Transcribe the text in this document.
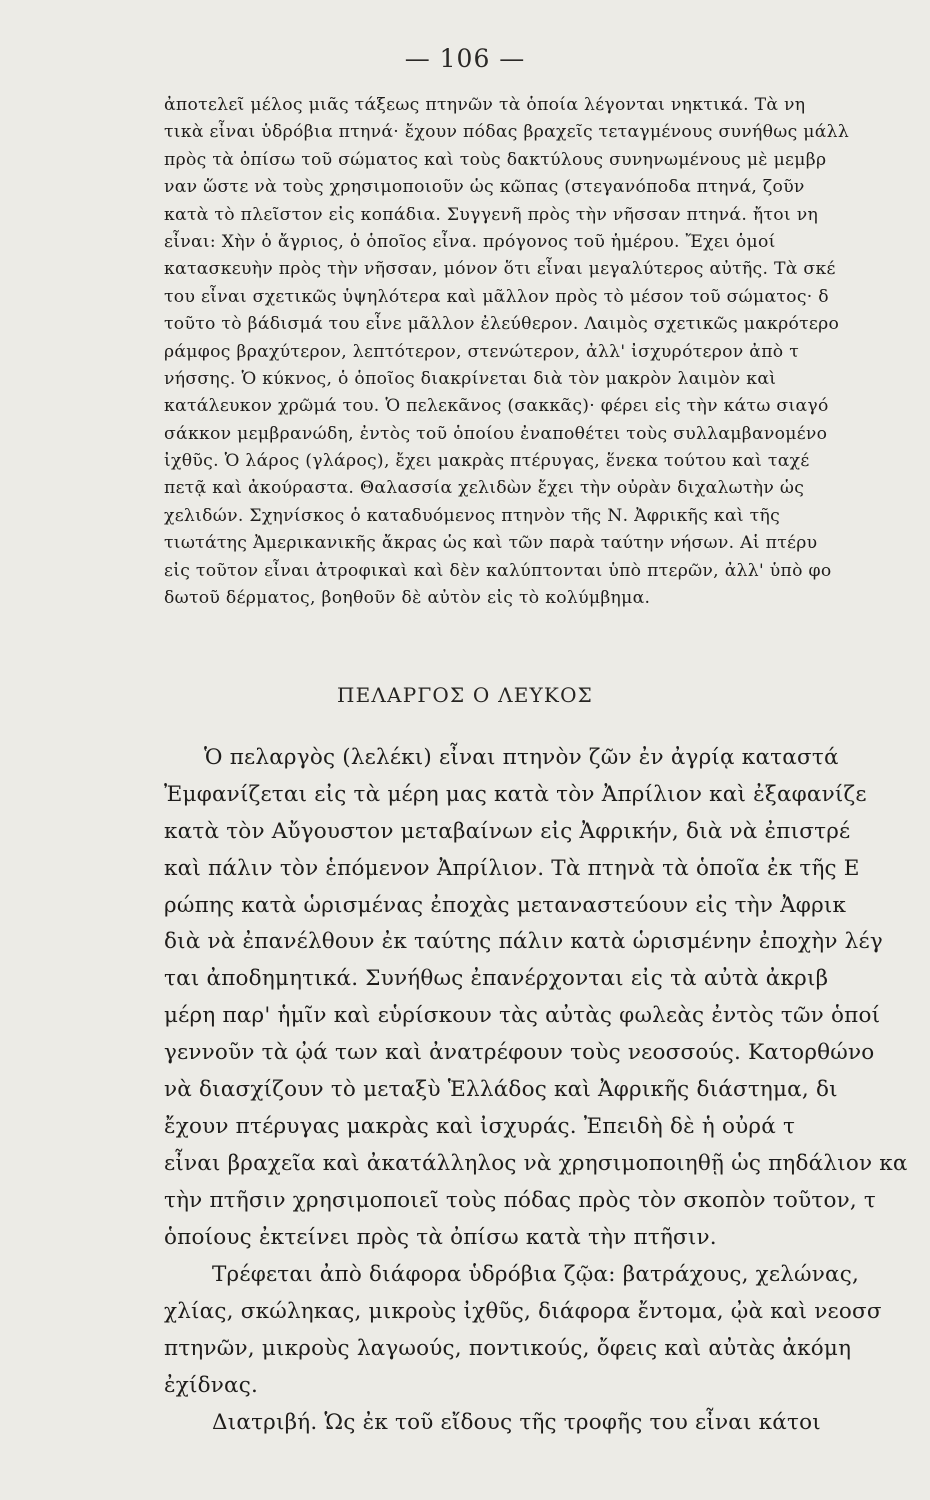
— 106 —
ἀποτελεῖ μέλος μιᾶς τάξεως πτηνῶν τὰ ὁποία λέγονται νηκτικά. Τὰ νη
τικὰ εἶναι ὑδρόβια πτηνά· ἔχουν πόδας βραχεῖς τεταγμένους συνήθως μάλλ
πρὸς τὰ ὀπίσω τοῦ σώματος καὶ τοὺς δακτύλους συνηνωμένους μὲ μεμβρ
ναν ὥστε νὰ τοὺς χρησιμοποιοῦν ὡς κῶπας (στεγανόποδα πτηνά, ζοῦν
κατὰ τὸ πλεῖστον εἰς κοπάδια. Συγγενῆ πρὸς τὴν νῆσσαν πτηνά. ἤτοι νη
εἶναι: Χὴν ὁ ἄγριος, ὁ ὁποῖος εἶνα. πρόγονος τοῦ ἡμέρου. Ἔχει ὁμοί
κατασκευὴν πρὸς τὴν νῆσσαν, μόνον ὅτι εἶναι μεγαλύτερος αὐτῆς. Τὰ σκέ
του εἶναι σχετικῶς ὑψηλότερα καὶ μᾶλλον πρὸς τὸ μέσον τοῦ σώματος· δ
τοῦτο τὸ βάδισμά του εἶνε μᾶλλον ἐλεύθερον. Λαιμὸς σχετικῶς μακρότερο
ράμφος βραχύτερον, λεπτότερον, στενώτερον, ἀλλ' ἰσχυρότερον ἀπὸ τ
νήσσης. Ὁ κύκνος, ὁ ὁποῖος διακρίνεται διὰ τὸν μακρὸν λαιμὸν καὶ
κατάλευκον χρῶμά του. Ὁ πελεκᾶνος (σακκᾶς)· φέρει εἰς τὴν κάτω σιαγό
σάκκον μεμβρανώδη, ἐντὸς τοῦ ὁποίου ἐναποθέτει τοὺς συλλαμβανομένο
ἰχθῦς. Ὁ λάρος (γλάρος), ἔχει μακρὰς πτέρυγας, ἕνεκα τούτου καὶ ταχέ
πετᾷ καὶ ἀκούραστα. Θαλασσία χελιδὼν ἔχει τὴν οὐρὰν διχαλωτὴν ὡς
χελιδών. Σχηνίσκος ὁ καταδυόμενος πτηνὸν τῆς Ν. Ἀφρικῆς καὶ τῆς
τιωτάτης Ἀμερικανικῆς ἄκρας ὡς καὶ τῶν παρὰ ταύτην νήσων. Αἱ πτέρυ
εἰς τοῦτον εἶναι ἀτροφικαὶ καὶ δὲν καλύπτονται ὑπὸ πτερῶν, ἀλλ' ὑπὸ φο
δωτοῦ δέρματος, βοηθοῦν δὲ αὐτὸν εἰς τὸ κολύμβημα.
ΠΕΛΑΡΓΟΣ Ο ΛΕΥΚΟΣ
Ὁ πελαργὸς (λελέκι) εἶναι πτηνὸν ζῶν ἐν ἀγρίᾳ καταστά
Ἐμφανίζεται εἰς τὰ μέρη μας κατὰ τὸν Ἀπρίλιον καὶ ἐξαφανίζε
κατὰ τὸν Αὔγουστον μεταβαίνων εἰς Ἀφρικήν, διὰ νὰ ἐπιστρέ
καὶ πάλιν τὸν ἑπόμενον Ἀπρίλιον. Τὰ πτηνὰ τὰ ὁποῖα ἐκ τῆς Ε
ρώπης κατὰ ὡρισμένας ἐποχὰς μεταναστεύουν εἰς τὴν Ἀφρικ
διὰ νὰ ἐπανέλθουν ἐκ ταύτης πάλιν κατὰ ὡρισμένην ἐποχὴν λέγ
ται ἀποδημητικά. Συνήθως ἐπανέρχονται εἰς τὰ αὐτὰ ἀκριβ
μέρη παρ' ἡμῖν καὶ εὑρίσκουν τὰς αὐτὰς φωλεὰς ἐντὸς τῶν ὁποί
γεννοῦν τὰ ᾠά των καὶ ἀνατρέφουν τοὺς νεοσσούς. Κατορθώνο
νὰ διασχίζουν τὸ μεταξὺ Ἑλλάδος καὶ Ἀφρικῆς διάστημα, δι
ἔχουν πτέρυγας μακρὰς καὶ ἰσχυράς. Ἐπειδὴ δὲ ἡ οὐρά τ
εἶναι βραχεῖα καὶ ἀκατάλληλος νὰ χρησιμοποιηθῇ ὡς πηδάλιον κα
τὴν πτῆσιν χρησιμοποιεῖ τοὺς πόδας πρὸς τὸν σκοπὸν τοῦτον, τ
ὁποίους ἐκτείνει πρὸς τὰ ὀπίσω κατὰ τὴν πτῆσιν.
Τρέφεται ἀπὸ διάφορα ὑδρόβια ζῷα: βατράχους, χελώνας,
χλίας, σκώληκας, μικροὺς ἰχθῦς, διάφορα ἔντομα, ᾠὰ καὶ νεοσσ
πτηνῶν, μικροὺς λαγωούς, ποντικούς, ὄφεις καὶ αὐτὰς ἀκόμη
ἐχίδνας.
Διατριβή. Ὡς ἐκ τοῦ εἴδους τῆς τροφῆς του εἶναι κάτοι
